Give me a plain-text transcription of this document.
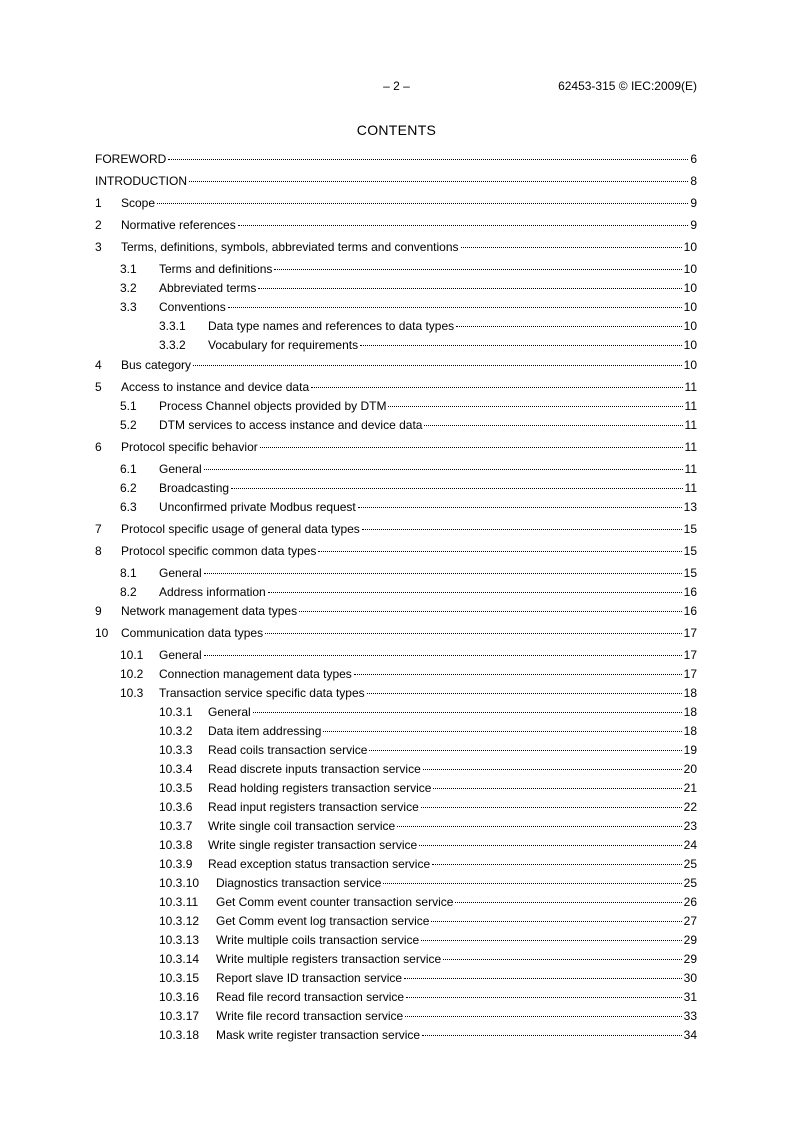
– 2 –	62453-315 © IEC:2009(E)
CONTENTS
FOREWORD	6
INTRODUCTION	8
1	Scope	9
2	Normative references	9
3	Terms, definitions, symbols, abbreviated terms and conventions	10
3.1	Terms and definitions	10
3.2	Abbreviated terms	10
3.3	Conventions	10
3.3.1	Data type names and references to data types	10
3.3.2	Vocabulary for requirements	10
4	Bus category	10
5	Access to instance and device data	11
5.1	Process Channel objects provided by DTM	11
5.2	DTM services to access instance and device data	11
6	Protocol specific behavior	11
6.1	General	11
6.2	Broadcasting	11
6.3	Unconfirmed private Modbus request	13
7	Protocol specific usage of general data types	15
8	Protocol specific common data types	15
8.1	General	15
8.2	Address information	16
9	Network management data types	16
10	Communication data types	17
10.1	General	17
10.2	Connection management data types	17
10.3	Transaction service specific data types	18
10.3.1	General	18
10.3.2	Data item addressing	18
10.3.3	Read coils transaction service	19
10.3.4	Read discrete inputs transaction service	20
10.3.5	Read holding registers transaction service	21
10.3.6	Read input registers transaction service	22
10.3.7	Write single coil transaction service	23
10.3.8	Write single register transaction service	24
10.3.9	Read exception status transaction service	25
10.3.10	Diagnostics transaction service	25
10.3.11	Get Comm event counter transaction service	26
10.3.12	Get Comm event log transaction service	27
10.3.13	Write multiple coils transaction service	29
10.3.14	Write multiple registers transaction service	29
10.3.15	Report slave ID transaction service	30
10.3.16	Read file record transaction service	31
10.3.17	Write file record transaction service	33
10.3.18	Mask write register transaction service	34
